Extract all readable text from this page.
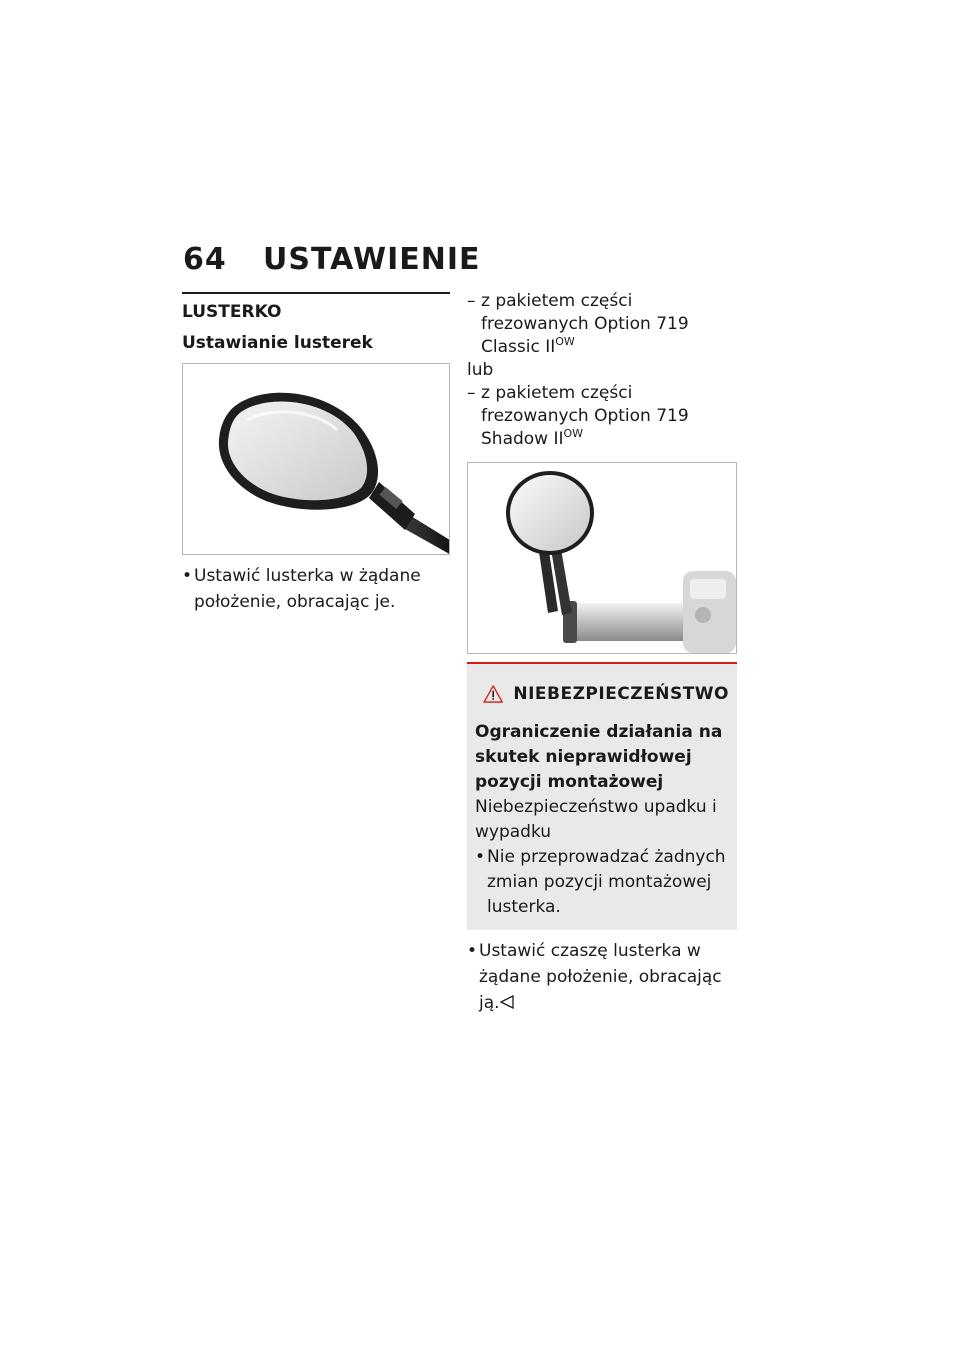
64 USTAWIENIE
LUSTERKO
Ustawianie lusterek
• Ustawić lusterka w żądane położenie, obracając je.
– z pakietem części frezowanych Option 719 Classic $II^{OW}$
lub
– z pakietem części frezowanych Option 719 Shadow $II^{OW}$
NIEBEZPIECZEŃSTWO
Ograniczenie działania na skutek nieprawidłowej pozycji montażowej
Niebezpieczeństwo upadku i wypadku
• Nie przeprowadzać żadnych zmian pozycji montażowej lusterka.
• Ustawić czaszę lusterka w żądane położenie, obracając ją.
